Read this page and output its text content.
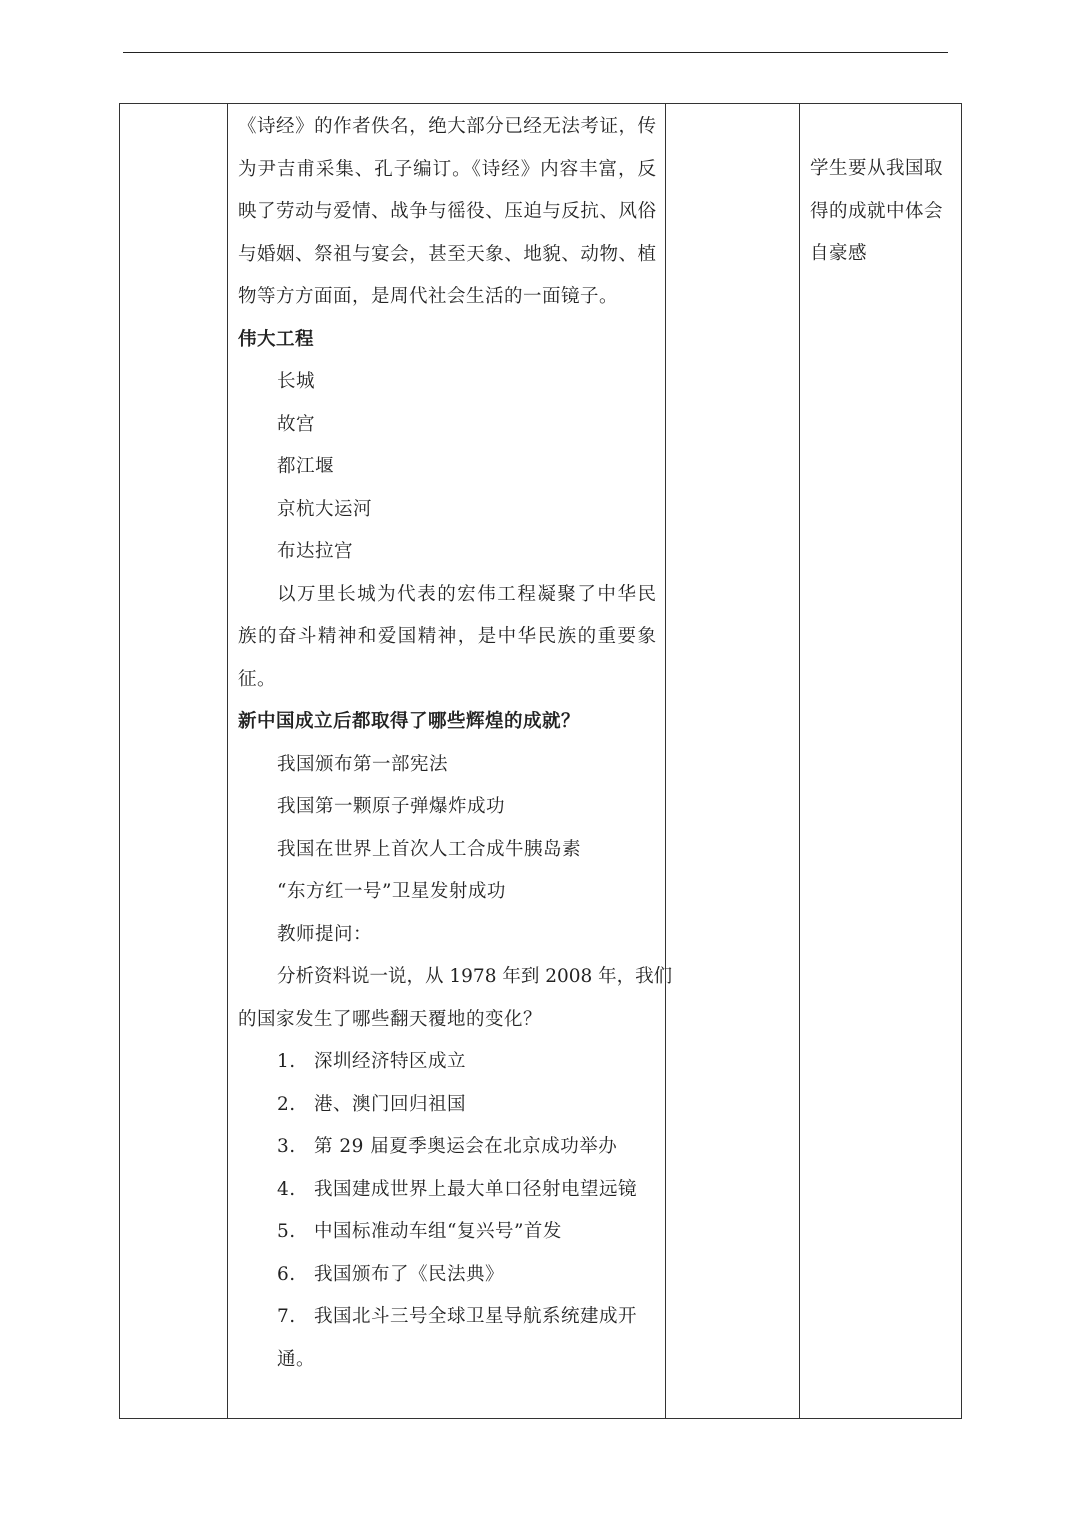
《诗经》的作者佚名，绝大部分已经无法考证，传
为尹吉甫采集、孔子编订。《诗经》内容丰富，反
映了劳动与爱情、战争与徭役、压迫与反抗、风俗
与婚姻、祭祖与宴会，甚至天象、地貌、动物、植
物等方方面面，是周代社会生活的一面镜子。
伟大工程
长城
故宫
都江堰
京杭大运河
布达拉宫
以万里长城为代表的宏伟工程凝聚了中华民
族的奋斗精神和爱国精神，是中华民族的重要象
征。
新中国成立后都取得了哪些辉煌的成就？
我国颁布第一部宪法
我国第一颗原子弹爆炸成功
我国在世界上首次人工合成牛胰岛素
“东方红一号”卫星发射成功
教师提问：
分析资料说一说，从 1978 年到 2008 年，我们
的国家发生了哪些翻天覆地的变化？
1. 深圳经济特区成立
2. 港、澳门回归祖国
3. 第 29 届夏季奥运会在北京成功举办
4. 我国建成世界上最大单口径射电望远镜
5. 中国标准动车组“复兴号”首发
6. 我国颁布了《民法典》
7. 我国北斗三号全球卫星导航系统建成开
通。
学生要从我国取
得的成就中体会
自豪感
